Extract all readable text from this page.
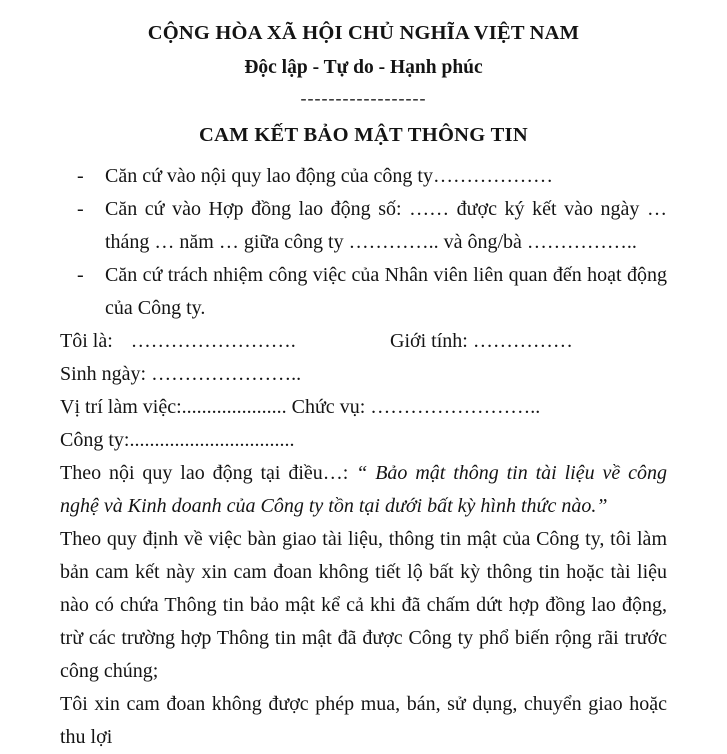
CỘNG HÒA XÃ HỘI CHỦ NGHĨA VIỆT NAM
Độc lập - Tự do - Hạnh phúc
------------------
CAM KẾT BẢO MẬT THÔNG TIN
-	Căn cứ vào nội quy lao động của công ty………………

-	Căn cứ vào Hợp đồng lao động số: …… được ký kết vào ngày … tháng … năm … giữa công ty ………….. và ông/bà ……………..

-	Căn cứ trách nhiệm công việc của Nhân viên liên quan đến hoạt động của Công ty.

Tôi là: …………………….	Giới tính: ……………

Sinh ngày: …………………..

Vị trí làm việc:..................... Chức vụ: ……………………..

Công ty:.................................

Theo nội quy lao động tại điều…: “ Bảo mật thông tin tài liệu về công nghệ và Kinh doanh của Công ty tồn tại dưới bất kỳ hình thức nào.”

Theo quy định về việc bàn giao tài liệu, thông tin mật của Công ty, tôi làm bản cam kết này xin cam đoan không tiết lộ bất kỳ thông tin hoặc tài liệu nào có chứa Thông tin bảo mật kể cả khi đã chấm dứt hợp đồng lao động, trừ các trường hợp Thông tin mật đã được Công ty phổ biến rộng rãi trước công chúng;

Tôi xin cam đoan không được phép mua, bán, sử dụng, chuyển giao hoặc thu lợi
